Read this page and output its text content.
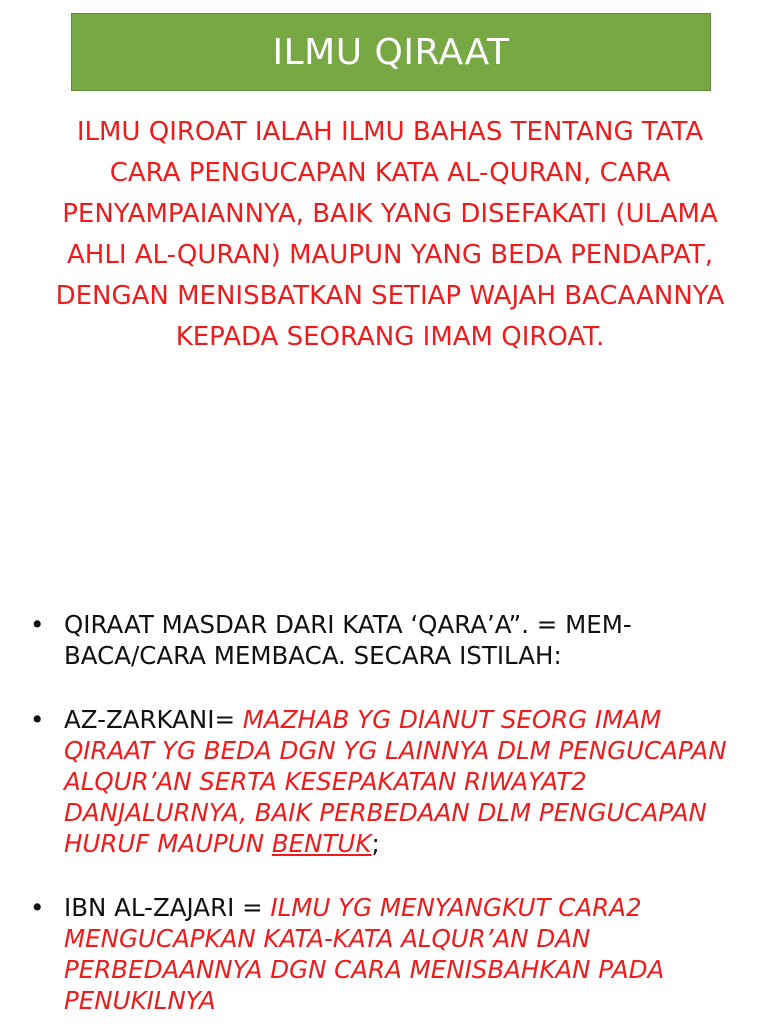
ILMU QIRAAT

ILMU QIROAT IALAH ILMU BAHAS TENTANG TATA CARA PENGUCAPAN KATA AL-QURAN, CARA PENYAMPAIANNYA, BAIK YANG DISEFAKATI (ULAMA AHLI AL-QURAN) MAUPUN YANG BEDA PENDAPAT, DENGAN MENISBATKAN SETIAP WAJAH BACAANNYA KEPADA SEORANG IMAM QIROAT.

• QIRAAT MASDAR DARI KATA ‘QARA’A”. = MEM-BACA/CARA MEMBACA. SECARA ISTILAH:
• AZ-ZARKANI= MAZHAB YG DIANUT SEORG IMAM QIRAAT YG BEDA DGN YG LAINNYA DLM PENGUCAPAN ALQUR’AN SERTA KESEPAKATAN RIWAYAT2 DANJALURNYA, BAIK PERBEDAAN DLM PENGUCAPAN HURUF MAUPUN BENTUK;
• IBN AL-ZAJARI = ILMU YG MENYANGKUT CARA2 MENGUCAPKAN KATA-KATA ALQUR’AN DAN PERBEDAANNYA DGN CARA MENISBAHKAN PADA PENUKILNYA
